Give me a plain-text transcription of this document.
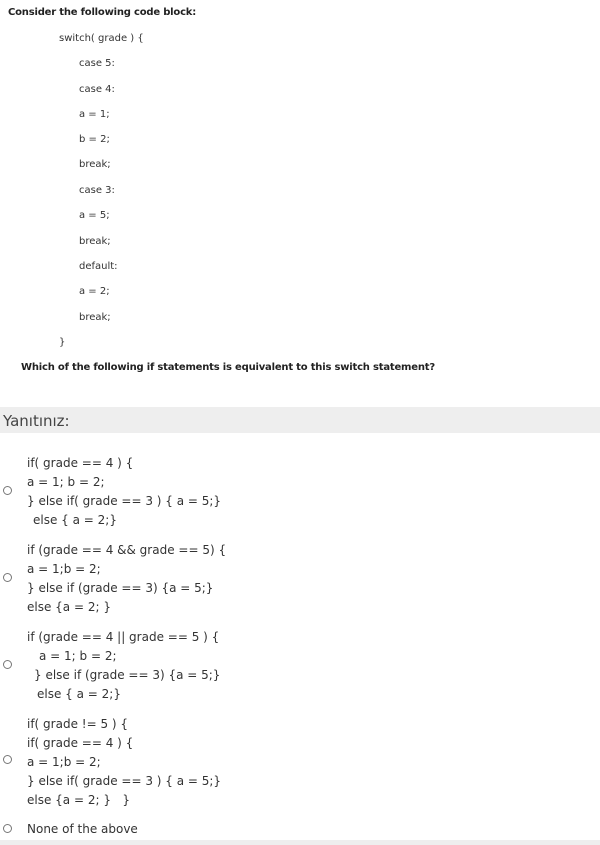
Consider the following code block:
switch( grade ) {
case 5:
case 4:
a = 1;
b = 2;
break;
case 3:
a = 5;
break;
default:
a = 2;
break;
}
Which of the following if statements is equivalent to this switch statement?
Yanıtınız:
if( grade == 4 ) {
a = 1; b = 2;
} else if( grade == 3 ) { a = 5;}
else { a = 2;}
if (grade == 4 && grade == 5) {
a = 1;b = 2;
} else if (grade == 3) {a = 5;}
else {a = 2; }
if (grade == 4 || grade == 5 ) {
a = 1; b = 2;
} else if (grade == 3) {a = 5;}
else { a = 2;}
if( grade != 5 ) {
if( grade == 4 ) {
a = 1;b = 2;
} else if( grade == 3 ) { a = 5;}
else {a = 2; }   }
None of the above
